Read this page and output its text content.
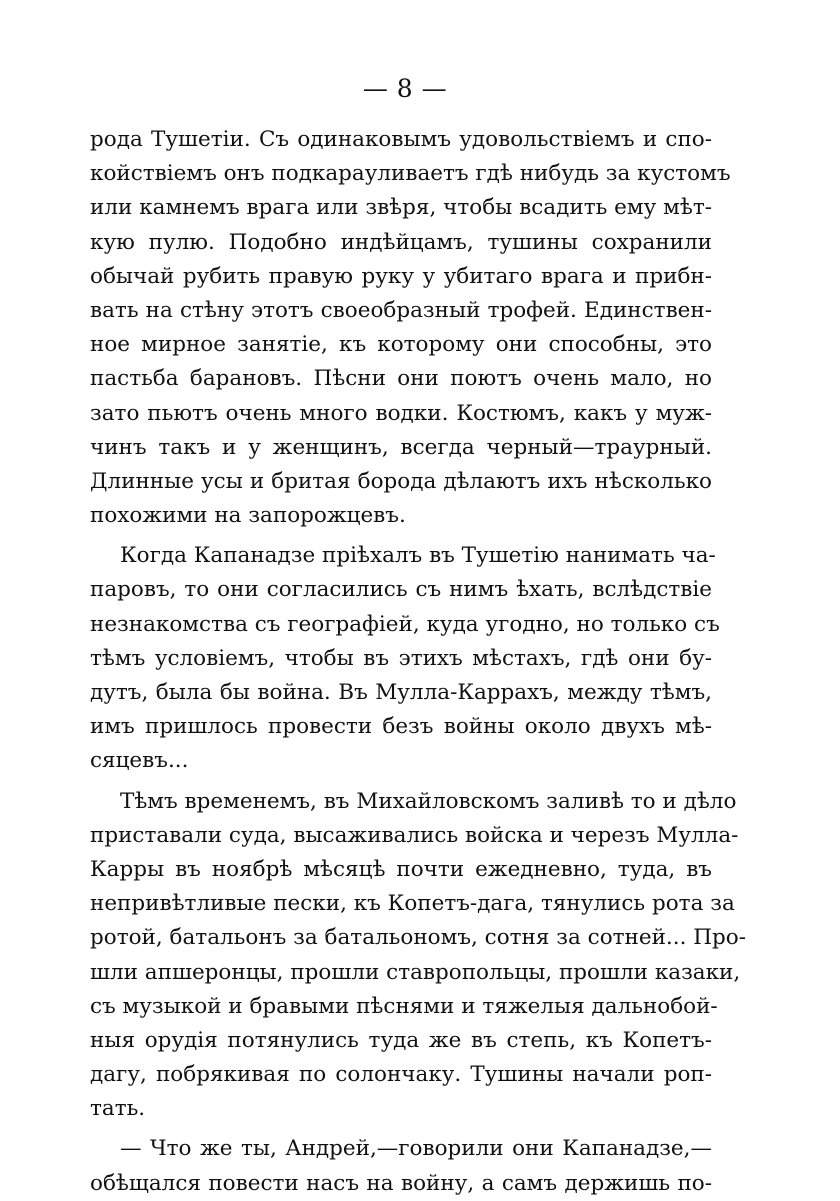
— 8 —
рода Тушетіи. Съ одинаковымъ удовольствіемъ и спо-
койствіемъ онъ подкарауливаетъ гдѣ нибудь за кустомъ
или камнемъ врага или звѣря, чтобы всадить ему мѣт-
кую пулю. Подобно индѣйцамъ, тушины сохранили
обычай рубить правую руку у убитаго врага и прибн-
вать на стѣну этотъ своеобразный трофей. Единствен-
ное мирное занятіе, къ которому они способны, это
пастьба барановъ. Пѣсни они поютъ очень мало, но
зато пьютъ очень много водки. Костюмъ, какъ у муж-
чинъ такъ и у женщинъ, всегда черный—траурный.
Длинные усы и бритая борода дѣлаютъ ихъ нѣсколько
похожими на запорожцевъ.
Когда Капанадзе пріѣхалъ въ Тушетію нанимать ча-
паровъ, то они согласились съ нимъ ѣхать, вслѣдствіе
незнакомства съ географіей, куда угодно, но только съ
тѣмъ условіемъ, чтобы въ этихъ мѣстахъ, гдѣ они бу-
дутъ, была бы война. Въ Мулла-Каррахъ, между тѣмъ,
имъ пришлось провести безъ войны около двухъ мѣ-
сяцевъ...
Тѣмъ временемъ, въ Михайловскомъ заливѣ то и дѣло
приставали суда, высаживались войска и черезъ Мулла-
Карры въ ноябрѣ мѣсяцѣ почти ежедневно, туда, въ
непривѣтливые пески, къ Копетъ-дага, тянулись рота за
ротой, батальонъ за батальономъ, сотня за сотней... Про-
шли апшеронцы, прошли ставропольцы, прошли казаки,
съ музыкой и бравыми пѣснями и тяжелыя дальнобой-
ныя орудія потянулись туда же въ степь, къ Копетъ-
дагу, побрякивая по солончаку. Тушины начали роп-
тать.
— Что же ты, Андрей,—говорили они Капанадзе,—
обѣщался повести насъ на войну, а самъ держишь по-
